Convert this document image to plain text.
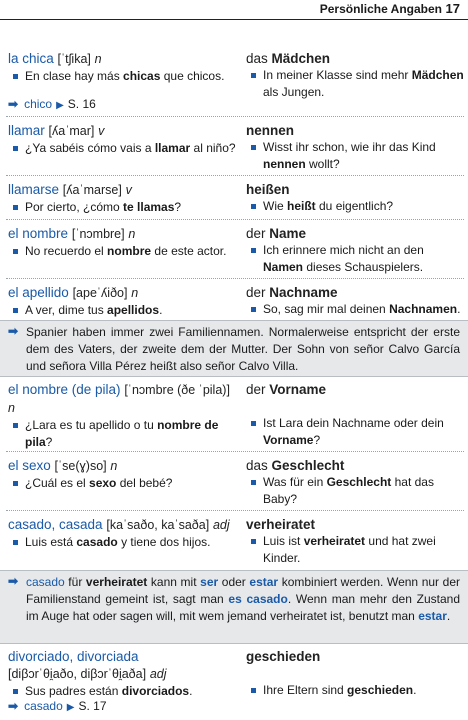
Persönliche Angaben 17
la chica [ˈtʃika] n
En clase hay más chicas que chicos.
das Mädchen
In meiner Klasse sind mehr Mädchen als Jungen.
➡ chico ▶ S. 16
llamar [ʎaˈmar] v
¿Ya sabéis cómo vais a llamar al niño?
nennen
Wisst ihr schon, wie ihr das Kind nennen wollt?
llamarse [ʎaˈmarse] v
Por cierto, ¿cómo te llamas?
heißen
Wie heißt du eigentlich?
el nombre [ˈnɔmbre] n
No recuerdo el nombre de este actor.
der Name
Ich erinnere mich nicht an den Namen dieses Schauspielers.
el apellido [apeˈʎiðo] n
A ver, dime tus apellidos.
der Nachname
So, sag mir mal deinen Nachnamen.
➡ Spanier haben immer zwei Familiennamen. Normalerweise entspricht der erste dem des Vaters, der zweite dem der Mutter. Der Sohn von señor Calvo García und señora Villa Pérez heißt also señor Calvo Villa.
el nombre (de pila) [ˈnɔmbre (ðe ˈpila)] n
¿Lara es tu apellido o tu nombre de pila?
der Vorname
Ist Lara dein Nachname oder dein Vorname?
el sexo [ˈse(ɣ)so] n
¿Cuál es el sexo del bebé?
das Geschlecht
Was für ein Geschlecht hat das Baby?
casado, casada [kaˈsaðo, kaˈsaða] adj
Luis está casado y tiene dos hijos.
verheiratet
Luis ist verheiratet und hat zwei Kinder.
➡ casado für verheiratet kann mit ser oder estar kombiniert werden. Wenn nur der Familienstand gemeint ist, sagt man es casado. Wenn man mehr den Zustand im Auge hat oder sagen will, mit wem jemand verheiratet ist, benutzt man estar.
divorciado, divorciada
[diβɔrˈθi̯aðo, diβɔrˈθi̯aða] adj
Sus padres están divorciados.
geschieden
Ihre Eltern sind geschieden.
➡ casado ▶ S. 17
